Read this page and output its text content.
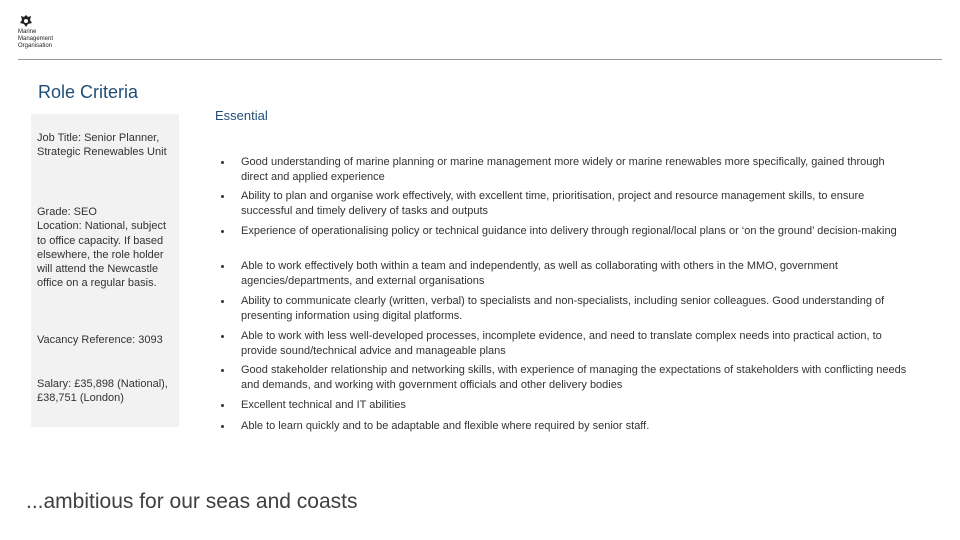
Marine
Management
Organisation
Role Criteria
Essential
Job Title: Senior Planner, Strategic Renewables Unit
Grade: SEO
Location: National, subject to office capacity. If based elsewhere, the role holder will attend the Newcastle office on a regular basis.
Vacancy Reference: 3093
Salary: £35,898 (National), £38,751 (London)
Good understanding of marine planning or marine management more widely or marine renewables more specifically, gained through direct and applied experience
Ability to plan and organise work effectively, with excellent time, prioritisation, project and resource management skills, to ensure successful and timely delivery of tasks and outputs
Experience of operationalising policy or technical guidance into delivery through regional/local plans or ‘on the ground’ decision-making
Able to work effectively both within a team and independently, as well as collaborating with others in the MMO, government agencies/departments, and external organisations
Ability to communicate clearly (written, verbal) to specialists and non-specialists, including senior colleagues. Good understanding of presenting information using digital platforms.
Able to work with less well-developed processes, incomplete evidence, and need to translate complex needs into practical action, to provide sound/technical advice and manageable plans
Good stakeholder relationship and networking skills, with experience of managing the expectations of stakeholders with conflicting needs and demands, and working with government officials and other delivery bodies
Excellent technical and IT abilities
Able to learn quickly and to be adaptable and flexible where required by senior staff.
...ambitious for our seas and coasts
